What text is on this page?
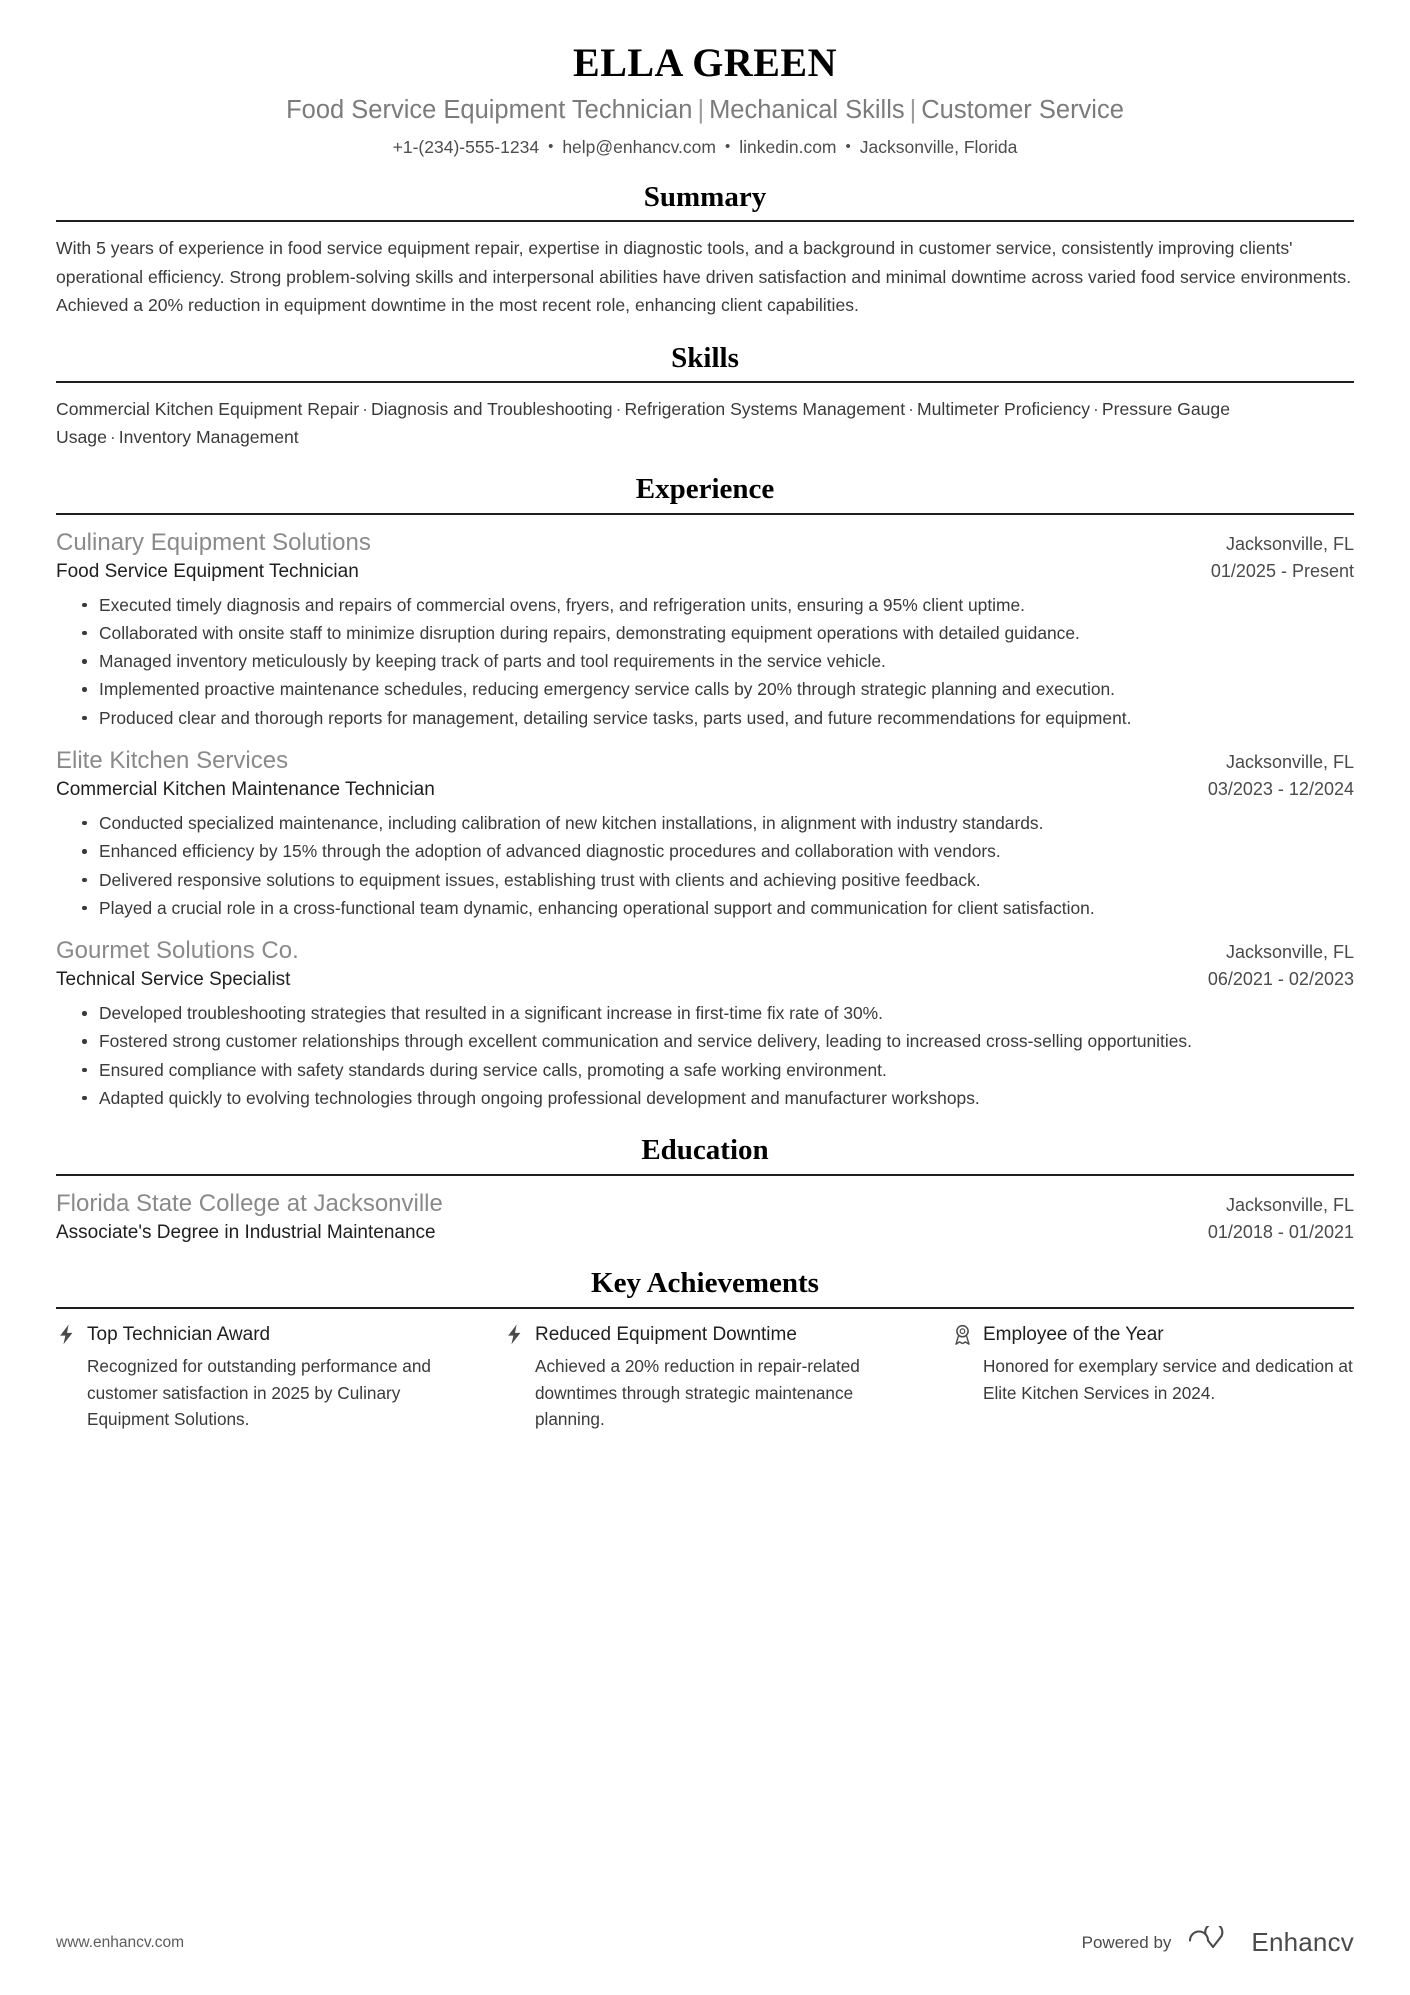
ELLA GREEN
Food Service Equipment Technician | Mechanical Skills | Customer Service
+1-(234)-555-1234 • help@enhancv.com • linkedin.com • Jacksonville, Florida
Summary
With 5 years of experience in food service equipment repair, expertise in diagnostic tools, and a background in customer service, consistently improving clients' operational efficiency. Strong problem-solving skills and interpersonal abilities have driven satisfaction and minimal downtime across varied food service environments. Achieved a 20% reduction in equipment downtime in the most recent role, enhancing client capabilities.
Skills
Commercial Kitchen Equipment Repair · Diagnosis and Troubleshooting · Refrigeration Systems Management · Multimeter Proficiency · Pressure Gauge Usage · Inventory Management
Experience
Culinary Equipment Solutions	Jacksonville, FL
Food Service Equipment Technician	01/2025 - Present
Executed timely diagnosis and repairs of commercial ovens, fryers, and refrigeration units, ensuring a 95% client uptime.
Collaborated with onsite staff to minimize disruption during repairs, demonstrating equipment operations with detailed guidance.
Managed inventory meticulously by keeping track of parts and tool requirements in the service vehicle.
Implemented proactive maintenance schedules, reducing emergency service calls by 20% through strategic planning and execution.
Produced clear and thorough reports for management, detailing service tasks, parts used, and future recommendations for equipment.
Elite Kitchen Services	Jacksonville, FL
Commercial Kitchen Maintenance Technician	03/2023 - 12/2024
Conducted specialized maintenance, including calibration of new kitchen installations, in alignment with industry standards.
Enhanced efficiency by 15% through the adoption of advanced diagnostic procedures and collaboration with vendors.
Delivered responsive solutions to equipment issues, establishing trust with clients and achieving positive feedback.
Played a crucial role in a cross-functional team dynamic, enhancing operational support and communication for client satisfaction.
Gourmet Solutions Co.	Jacksonville, FL
Technical Service Specialist	06/2021 - 02/2023
Developed troubleshooting strategies that resulted in a significant increase in first-time fix rate of 30%.
Fostered strong customer relationships through excellent communication and service delivery, leading to increased cross-selling opportunities.
Ensured compliance with safety standards during service calls, promoting a safe working environment.
Adapted quickly to evolving technologies through ongoing professional development and manufacturer workshops.
Education
Florida State College at Jacksonville	Jacksonville, FL
Associate's Degree in Industrial Maintenance	01/2018 - 01/2021
Key Achievements
Top Technician Award
Recognized for outstanding performance and customer satisfaction in 2025 by Culinary Equipment Solutions.
Reduced Equipment Downtime
Achieved a 20% reduction in repair-related downtimes through strategic maintenance planning.
Employee of the Year
Honored for exemplary service and dedication at Elite Kitchen Services in 2024.
www.enhancv.com	Powered by	Enhancv
